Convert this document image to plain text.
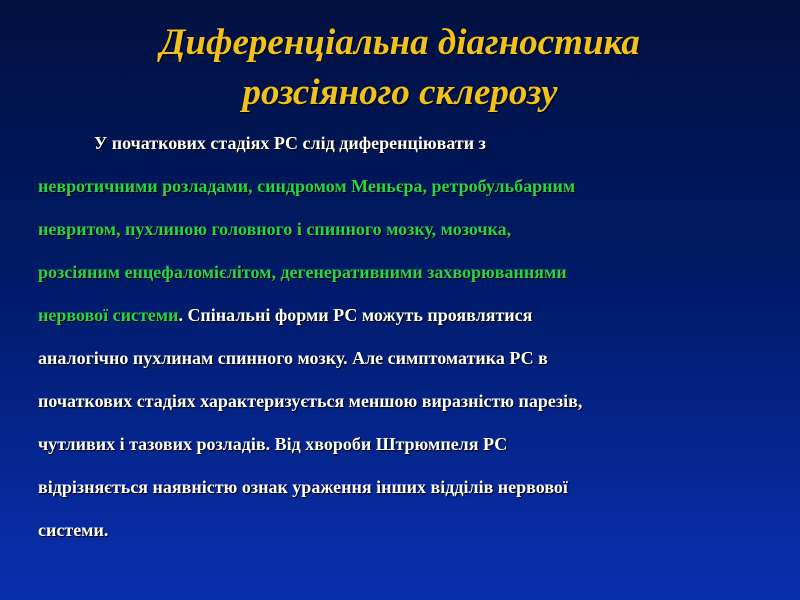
Диференціальна діагностика
розсіяного склерозу
У початкових стадіях РС слід диференціювати з
невротичними розладами, синдромом Меньєра, ретробульбарним
невритом, пухлиною головного і спинного мозку, мозочка,
розсіяним енцефаломієлітом, дегенеративними захворюваннями
нервової системи. Спінальні форми РС можуть проявлятися
аналогічно пухлинам спинного мозку. Але симптоматика РС в
початкових стадіях характеризується меншою виразністю парезів,
чутливих і тазових розладів. Від хвороби Штрюмпеля РС
відрізняється наявністю ознак ураження інших відділів нервової
системи.
